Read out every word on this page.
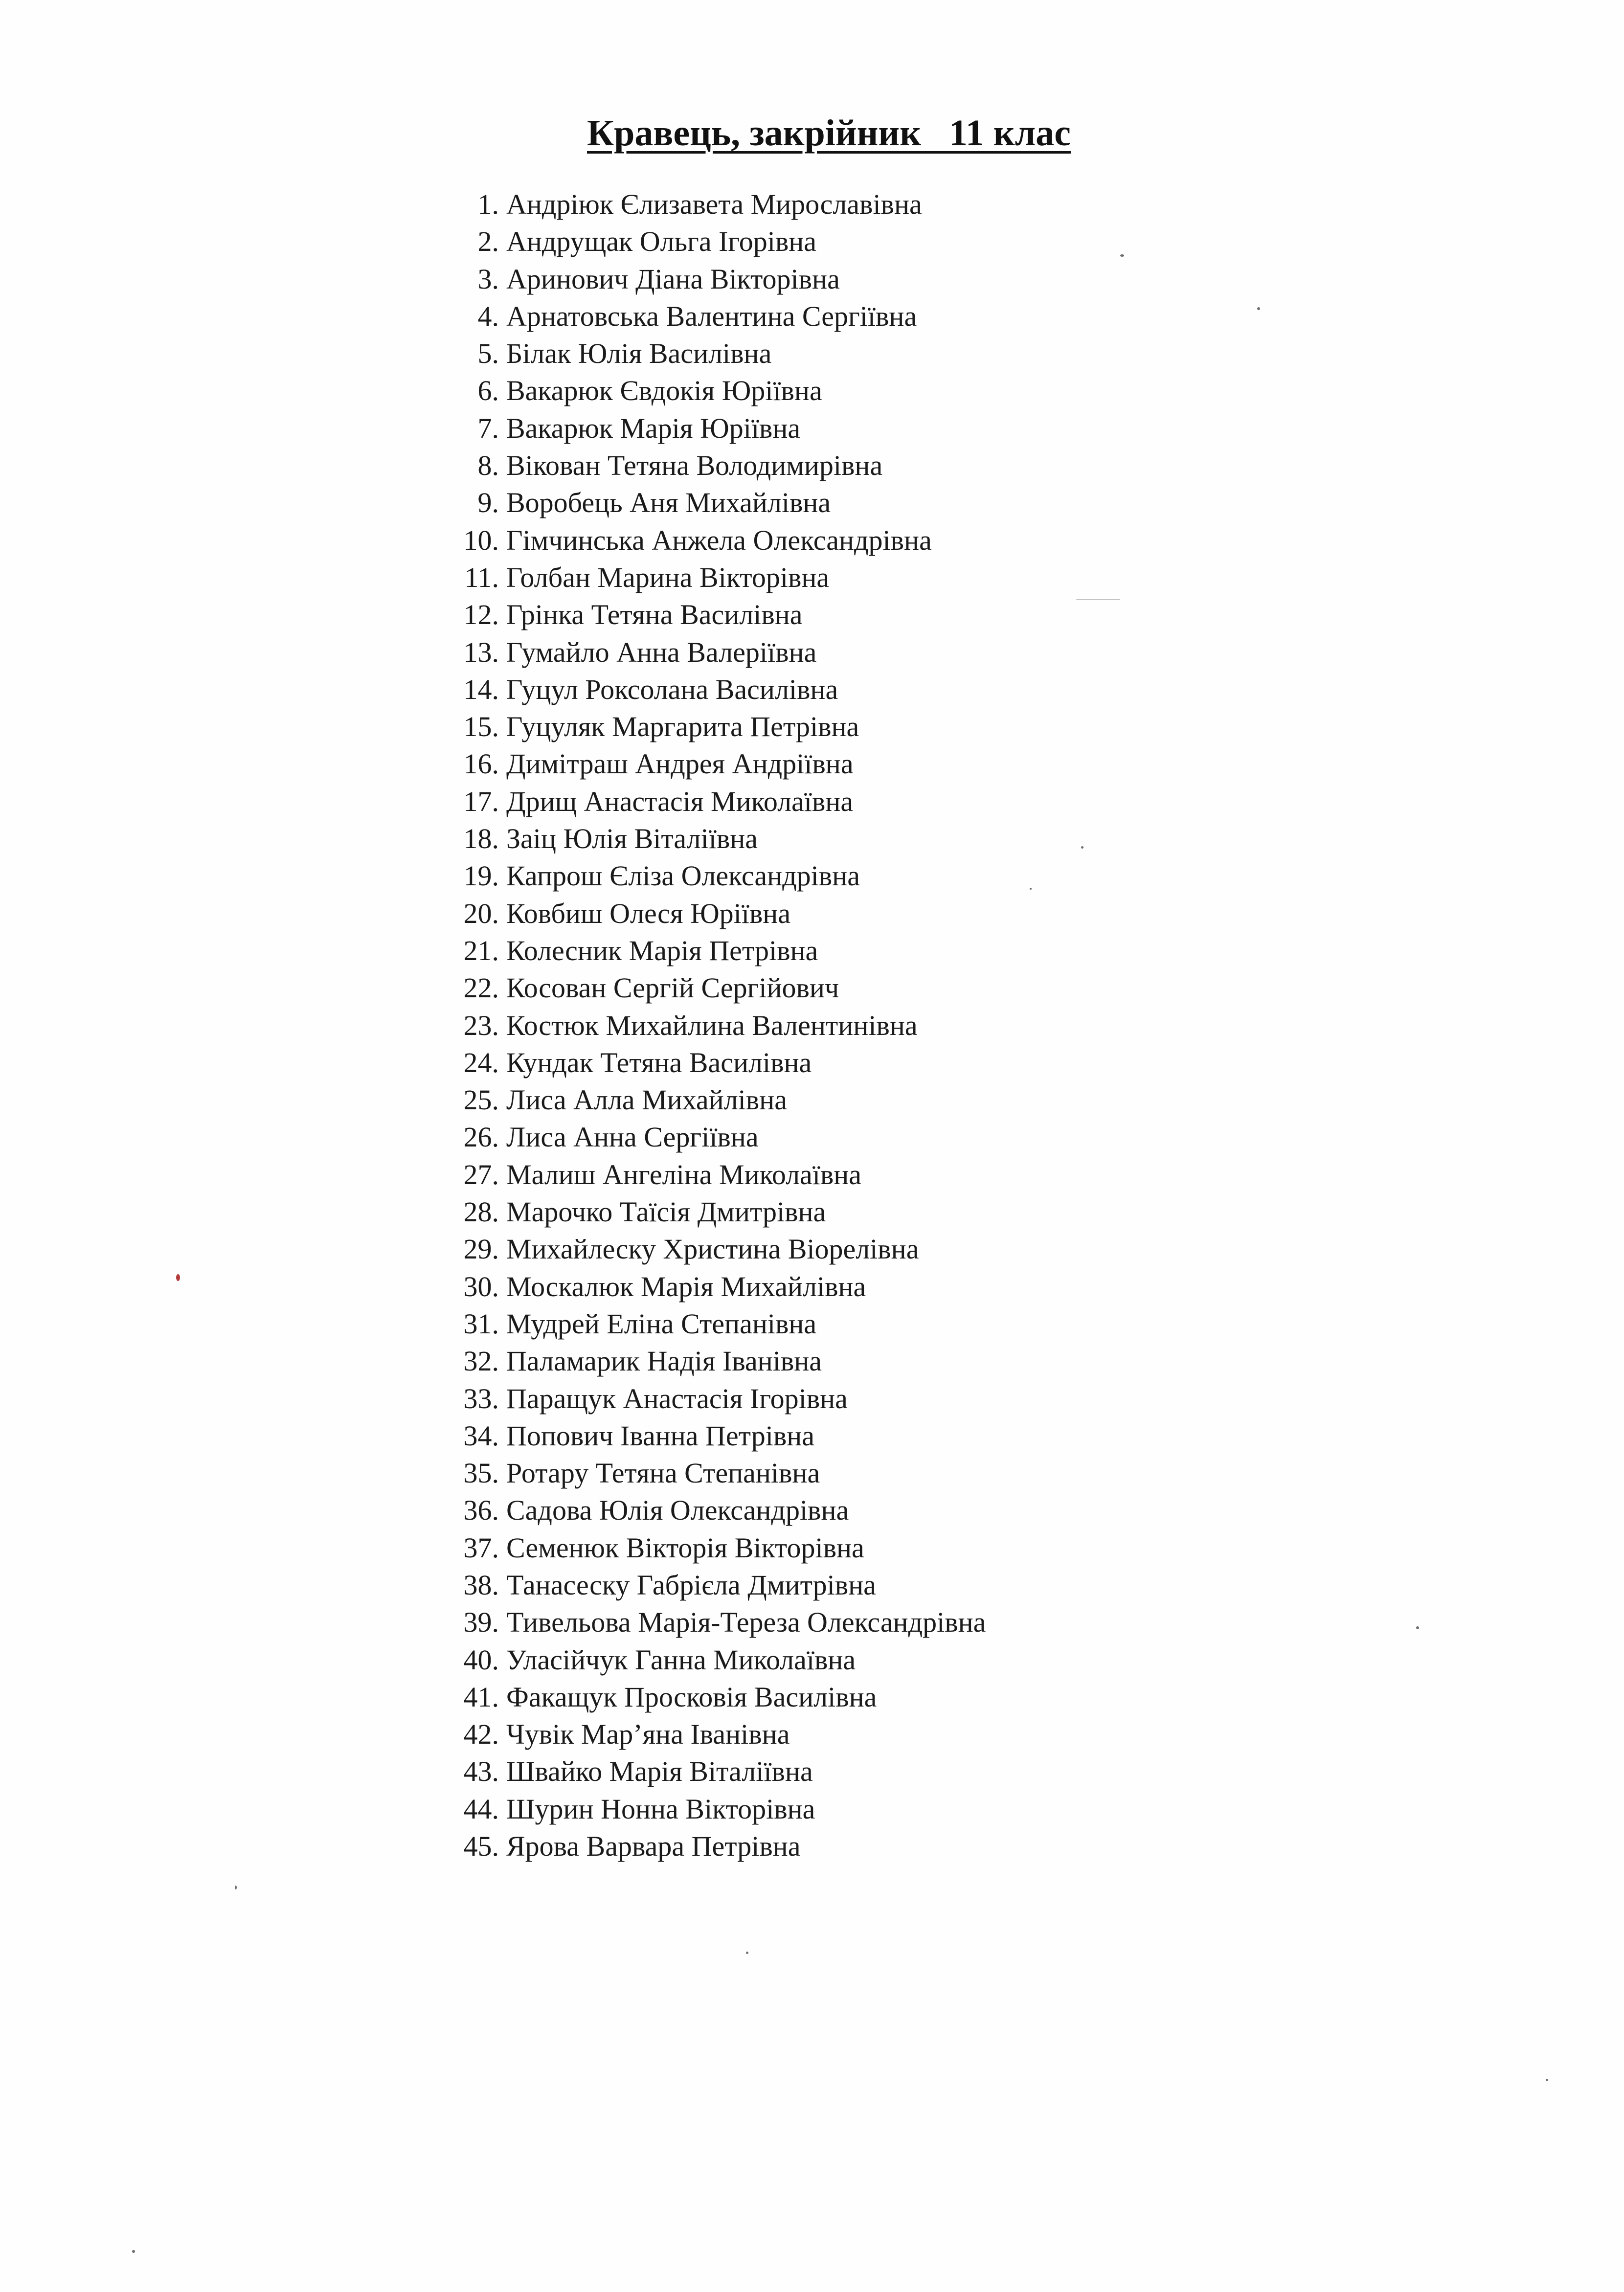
Кравець, закрійник   11 клас
1. Андріюк Єлизавета Мирославівна
2. Андрущак Ольга Ігорівна
3. Аринович Діана Вікторівна
4. Арнатовська Валентина Сергіївна
5. Білак Юлія Василівна
6. Вакарюк Євдокія Юріївна
7. Вакарюк Марія Юріївна
8. Вікован Тетяна Володимирівна
9. Воробець Аня Михайлівна
10. Гімчинська Анжела Олександрівна
11. Голбан Марина Вікторівна
12. Грінка Тетяна Василівна
13. Гумайло Анна Валеріївна
14. Гуцул Роксолана Василівна
15. Гуцуляк Маргарита Петрівна
16. Димітраш Андрея Андріївна
17. Дрищ Анастасія Миколаївна
18. Заіц Юлія Віталіївна
19. Капрош Єліза Олександрівна
20. Ковбиш Олеся Юріївна
21. Колесник Марія Петрівна
22. Косован Сергій Сергійович
23. Костюк Михайлина Валентинівна
24. Кундак Тетяна Василівна
25. Лиса Алла Михайлівна
26. Лиса Анна Сергіївна
27. Малиш Ангеліна Миколаївна
28. Марочко Таїсія Дмитрівна
29. Михайлеску Христина Віорелівна
30. Москалюк Марія Михайлівна
31. Мудрей Еліна Степанівна
32. Паламарик Надія Іванівна
33. Паращук Анастасія Ігорівна
34. Попович Іванна Петрівна
35. Ротару Тетяна Степанівна
36. Садова Юлія Олександрівна
37. Семенюк Вікторія Вікторівна
38. Танасеску Габрієла Дмитрівна
39. Тивельова Марія-Тереза Олександрівна
40. Уласійчук Ганна Миколаївна
41. Факащук Просковія Василівна
42. Чувік Мар’яна Іванівна
43. Швайко Марія Віталіївна
44. Шурин Нонна Вікторівна
45. Ярова Варвара Петрівна
